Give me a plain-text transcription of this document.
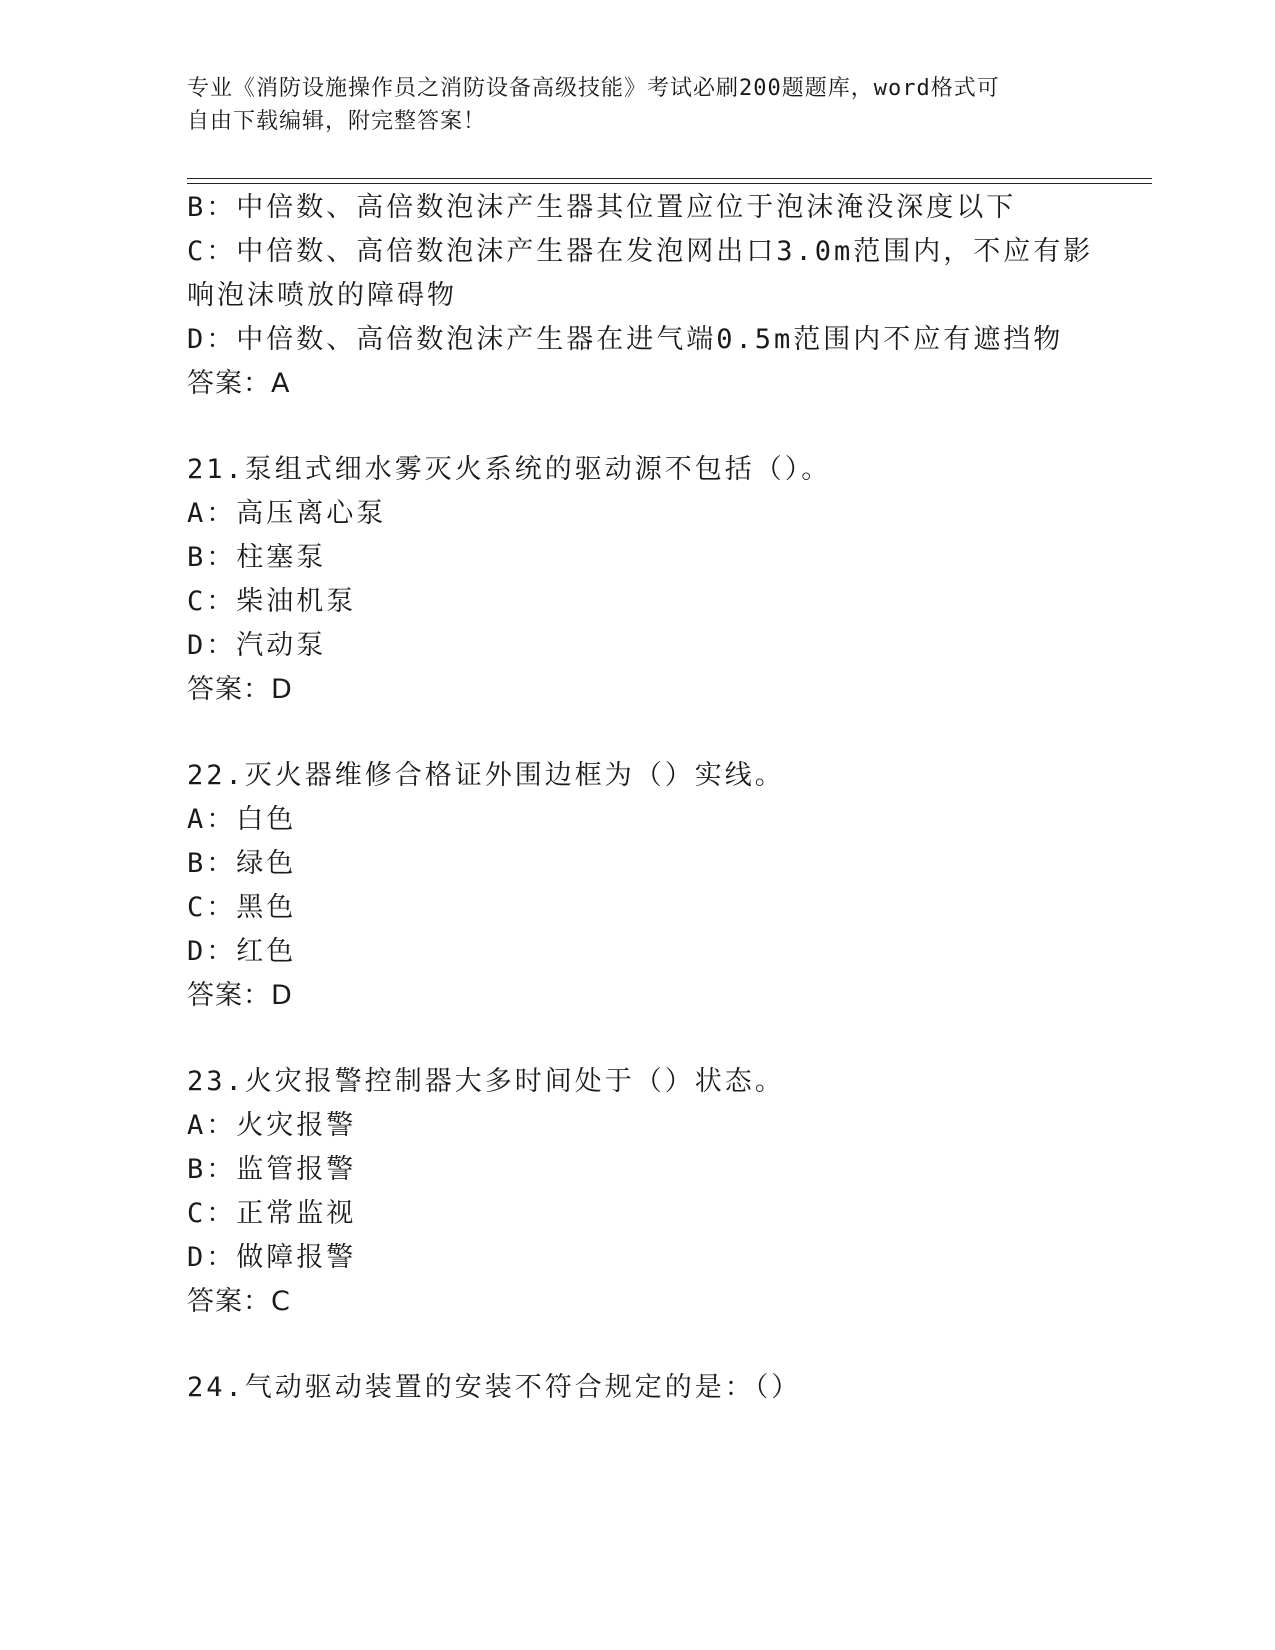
专业《消防设施操作员之消防设备高级技能》考试必刷200题题库，word格式可
自由下载编辑，附完整答案！
B：中倍数、高倍数泡沫产生器其位置应位于泡沫淹没深度以下
C：中倍数、高倍数泡沫产生器在发泡网出口3.0m范围内，不应有影
响泡沫喷放的障碍物
D：中倍数、高倍数泡沫产生器在进气端0.5m范围内不应有遮挡物
答案：A
21.泵组式细水雾灭火系统的驱动源不包括（）。
A：高压离心泵
B：柱塞泵
C：柴油机泵
D：汽动泵
答案：D
22.灭火器维修合格证外围边框为（）实线。
A：白色
B：绿色
C：黑色
D：红色
答案：D
23.火灾报警控制器大多时间处于（）状态。
A：火灾报警
B：监管报警
C：正常监视
D：做障报警
答案：C
24.气动驱动装置的安装不符合规定的是：（）
